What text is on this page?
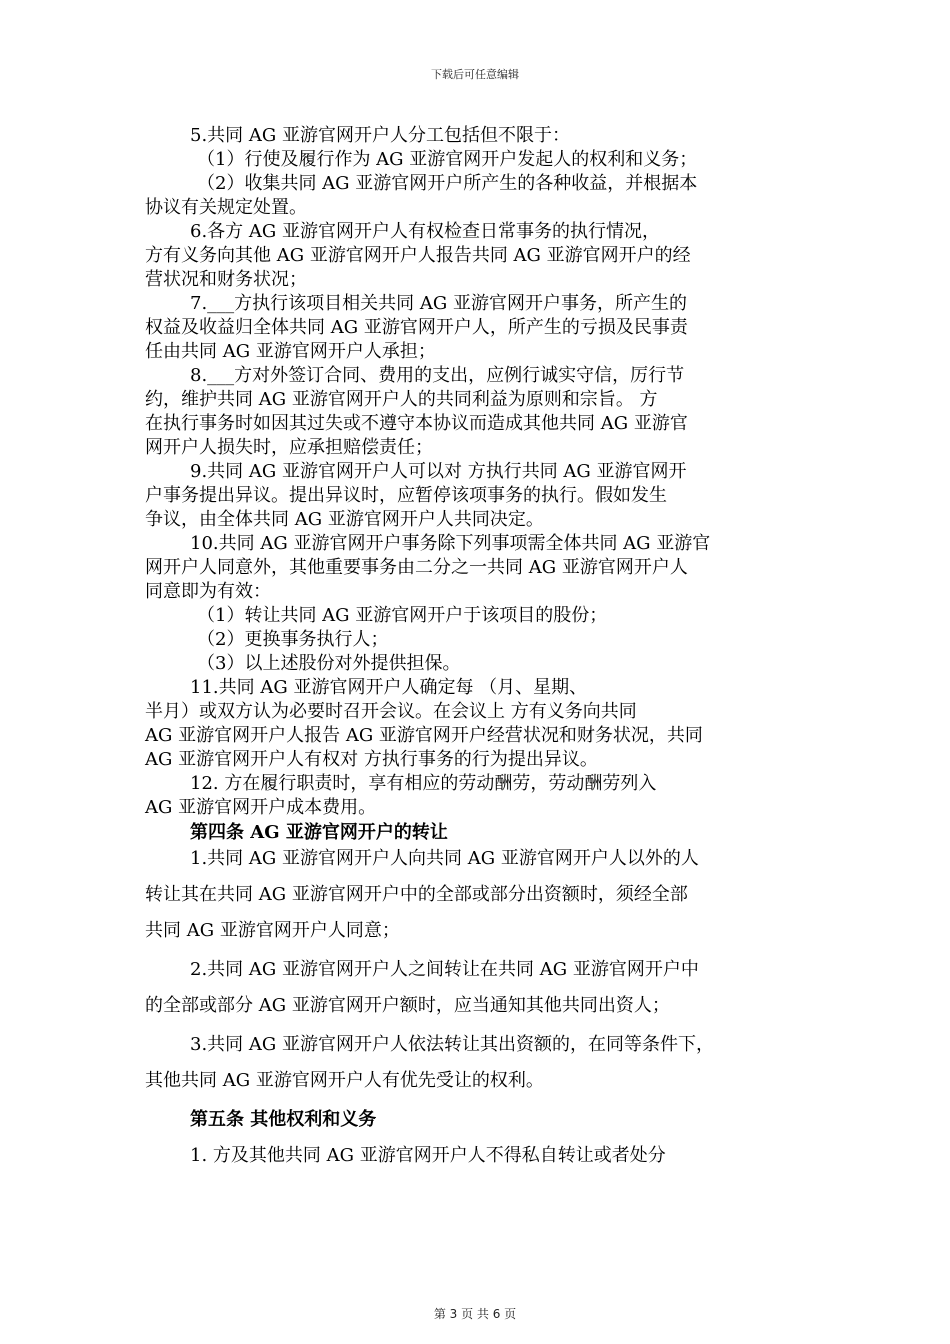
下载后可任意编辑
5.共同 AG 亚游官网开户人分工包括但不限于：
（1）行使及履行作为 AG 亚游官网开户发起人的权利和义务；
（2）收集共同 AG 亚游官网开户所产生的各种收益，并根据本
协议有关规定处置。
6.各方 AG 亚游官网开户人有权检查日常事务的执行情况，
方有义务向其他 AG 亚游官网开户人报告共同 AG 亚游官网开户的经
营状况和财务状况；
7.___方执行该项目相关共同 AG 亚游官网开户事务，所产生的
权益及收益归全体共同 AG 亚游官网开户人，所产生的亏损及民事责
任由共同 AG 亚游官网开户人承担；
8.___方对外签订合同、费用的支出，应例行诚实守信，厉行节
约，维护共同 AG 亚游官网开户人的共同利益为原则和宗旨。 方
在执行事务时如因其过失或不遵守本协议而造成其他共同 AG 亚游官
网开户人损失时，应承担赔偿责任；
9.共同 AG 亚游官网开户人可以对 方执行共同 AG 亚游官网开
户事务提出异议。提出异议时，应暂停该项事务的执行。假如发生
争议，由全体共同 AG 亚游官网开户人共同决定。
10.共同 AG 亚游官网开户事务除下列事项需全体共同 AG 亚游官
网开户人同意外，其他重要事务由二分之一共同 AG 亚游官网开户人
同意即为有效：
（1）转让共同 AG 亚游官网开户于该项目的股份；
（2）更换事务执行人；
（3）以上述股份对外提供担保。
11.共同 AG 亚游官网开户人确定每 （月、星期、
半月）或双方认为必要时召开会议。在会议上 方有义务向共同
AG 亚游官网开户人报告 AG 亚游官网开户经营状况和财务状况，共同
AG 亚游官网开户人有权对 方执行事务的行为提出异议。
12. 方在履行职责时，享有相应的劳动酬劳，劳动酬劳列入
AG 亚游官网开户成本费用。
第四条 AG 亚游官网开户的转让
1.共同 AG 亚游官网开户人向共同 AG 亚游官网开户人以外的人
转让其在共同 AG 亚游官网开户中的全部或部分出资额时，须经全部
共同 AG 亚游官网开户人同意；
2.共同 AG 亚游官网开户人之间转让在共同 AG 亚游官网开户中
的全部或部分 AG 亚游官网开户额时，应当通知其他共同出资人；
3.共同 AG 亚游官网开户人依法转让其出资额的，在同等条件下，
其他共同 AG 亚游官网开户人有优先受让的权利。
第五条 其他权利和义务
1. 方及其他共同 AG 亚游官网开户人不得私自转让或者处分
第 3 页 共 6 页
